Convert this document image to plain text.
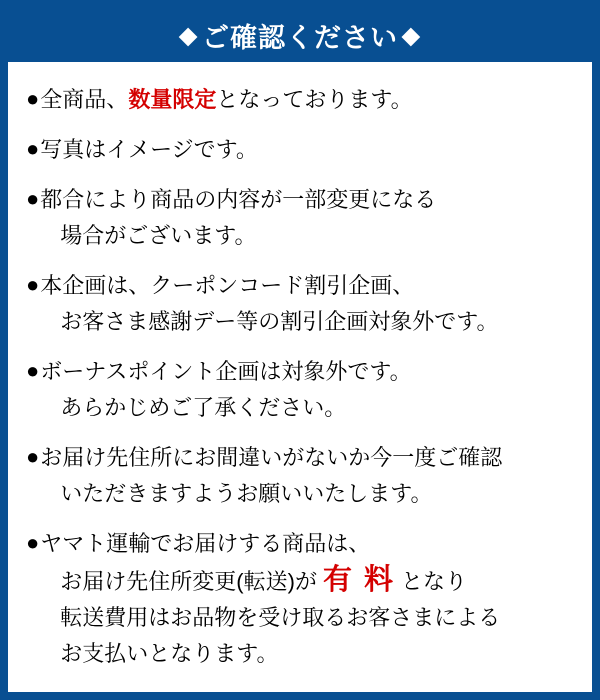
◆ ご確認ください ◆
● 全商品、数量限定となっております。
● 写真はイメージです。
● 都合により商品の内容が一部変更になる
場合がございます。
● 本企画は、クーポンコード割引企画、
お客さま感謝デー等の割引企画対象外です。
● ボーナスポイント企画は対象外です。
あらかじめご了承ください。
● お届け先住所にお間違いがないか今一度ご確認
いただきますようお願いいたします。
● ヤマト運輸でお届けする商品は、
お届け先住所変更(転送)が 有 料 となり
転送費用はお品物を受け取るお客さまによる
お支払いとなります。
